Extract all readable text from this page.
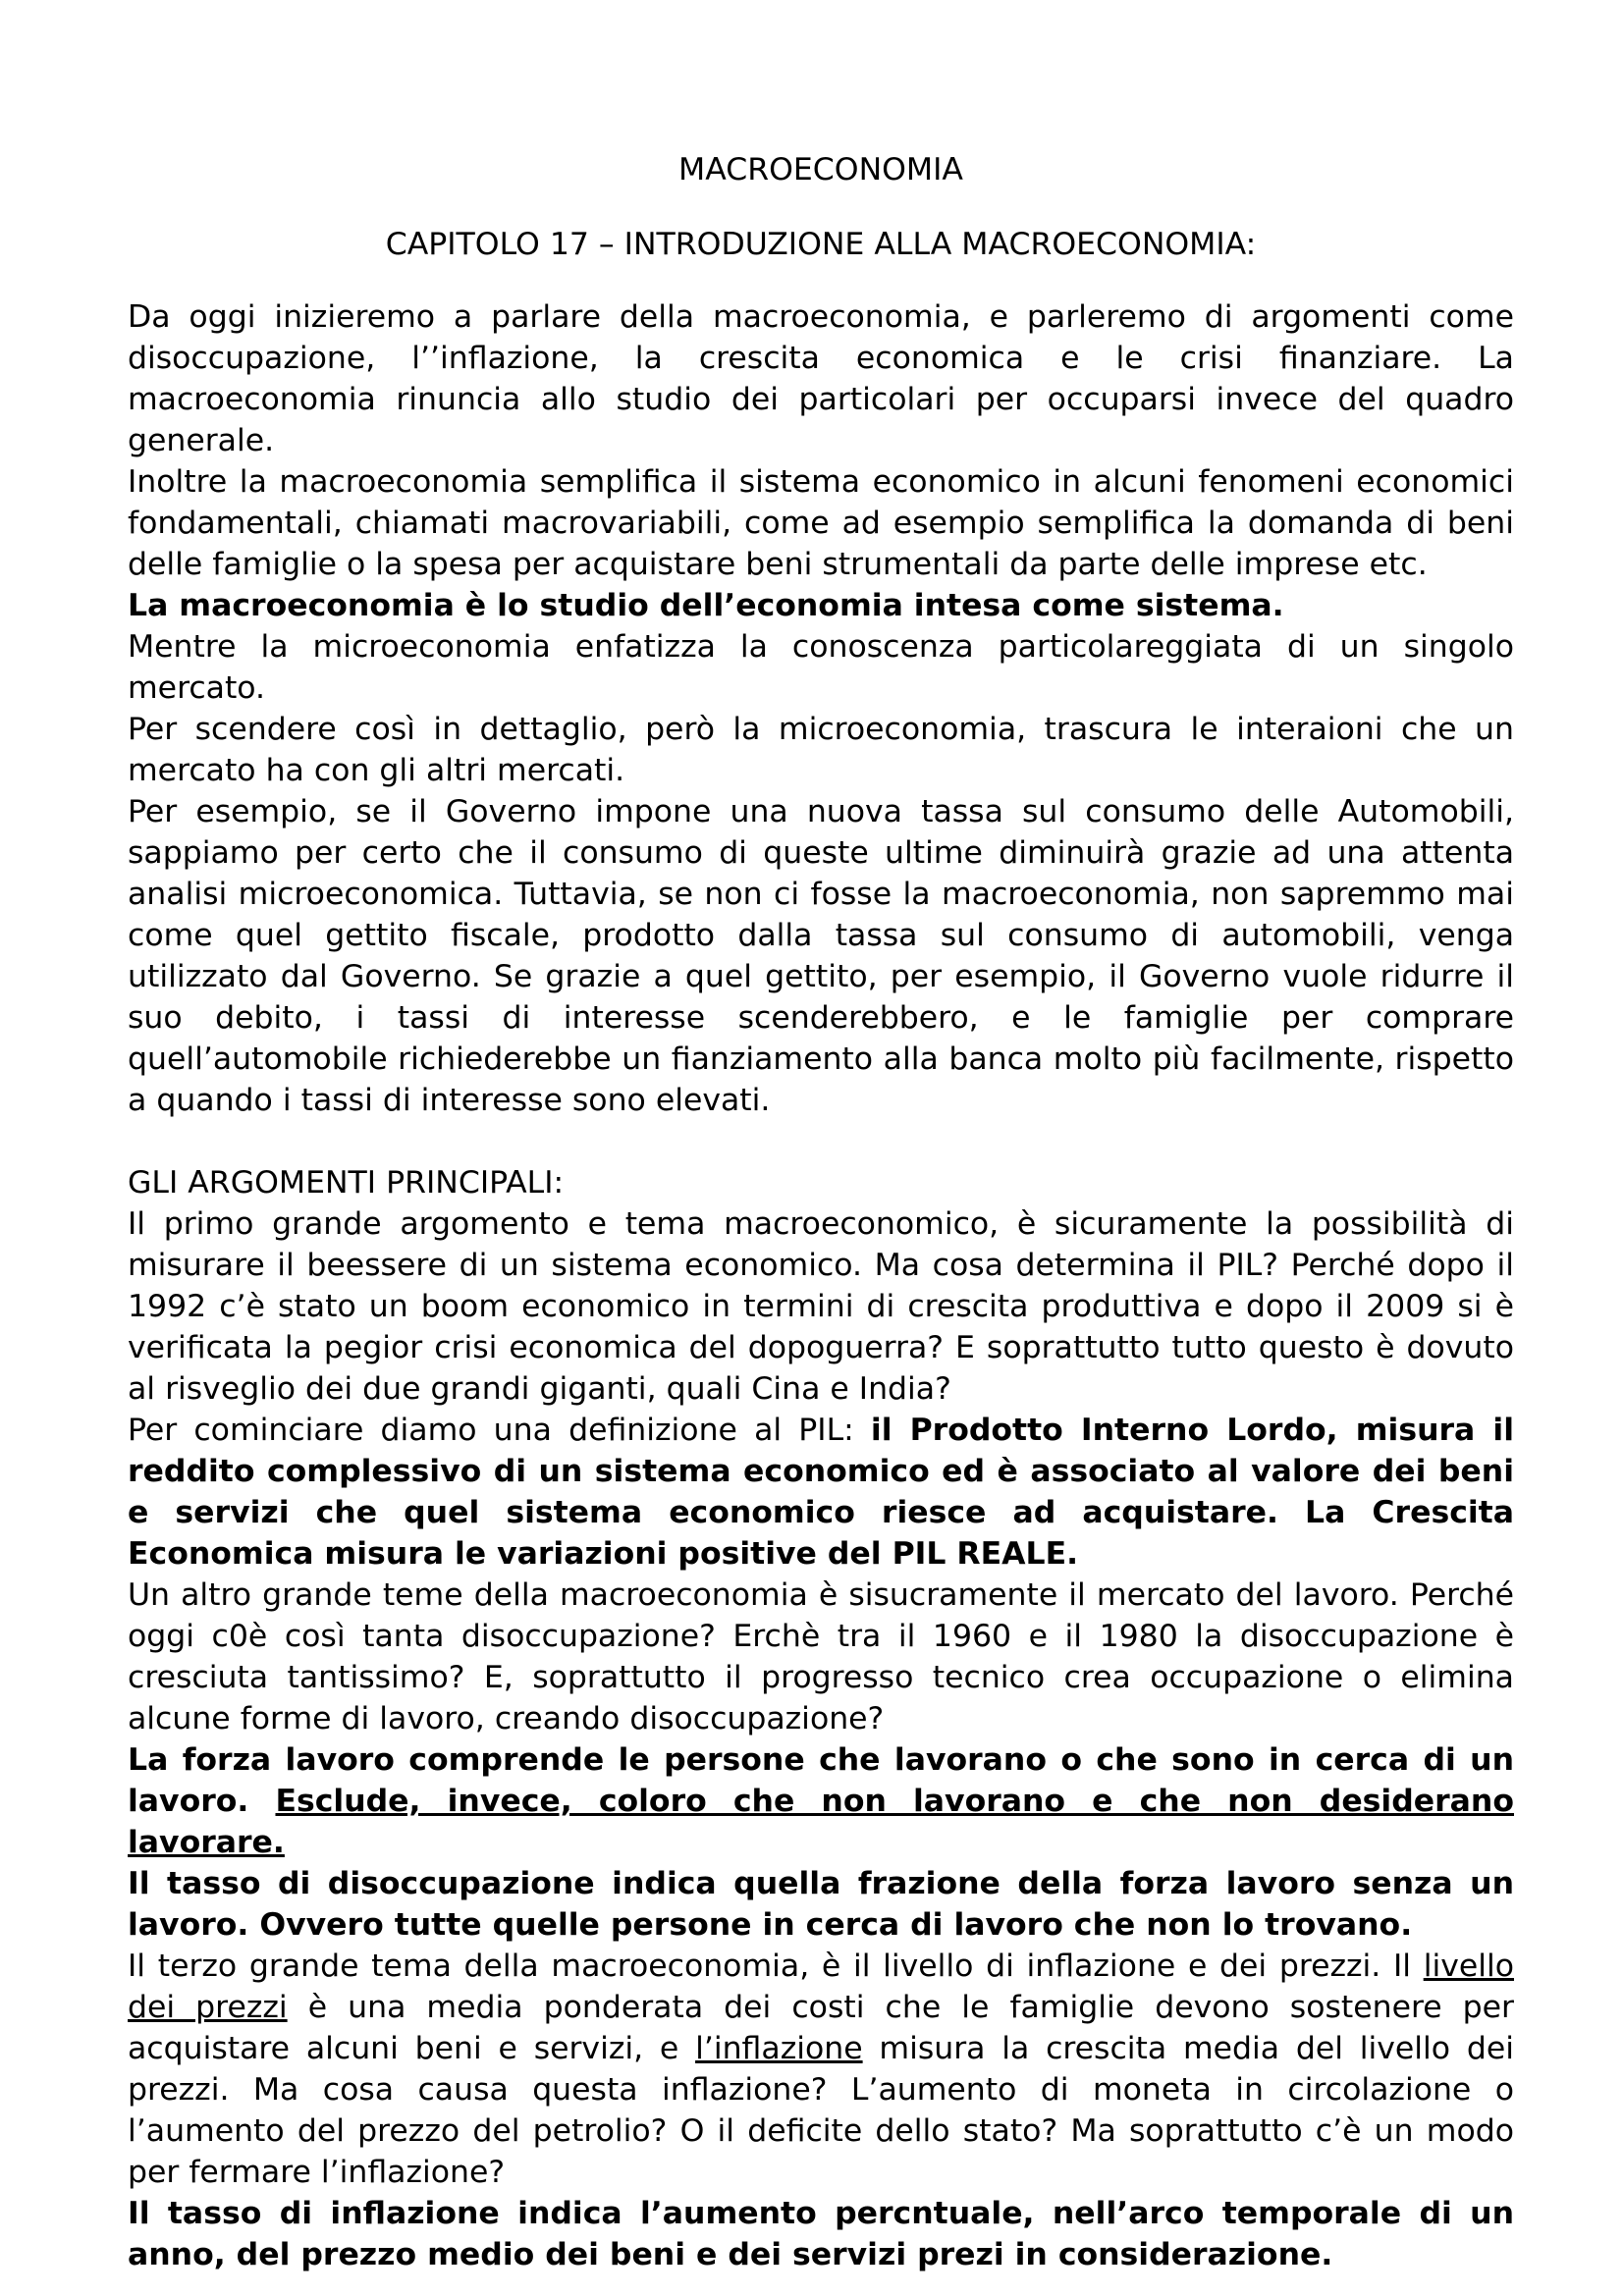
MACROECONOMIA
CAPITOLO 17 – INTRODUZIONE ALLA MACROECONOMIA:

Da oggi inizieremo a parlare della macroeconomia, e parleremo di argomenti come disoccupazione, l’’inflazione, la crescita economica e le crisi finanziare. La macroeconomia rinuncia allo studio dei particolari per occuparsi invece del quadro generale.

Inoltre la macroeconomia semplifica il sistema economico in alcuni fenomeni economici fondamentali, chiamati macrovariabili, come ad esempio semplifica la domanda di beni delle famiglie o la spesa per acquistare beni strumentali da parte delle imprese etc.

La macroeconomia è lo studio dell’economia intesa come sistema.

Mentre la microeconomia enfatizza la conoscenza particolareggiata di un singolo mercato.

Per scendere così in dettaglio, però la microeconomia, trascura le interaioni che un mercato ha con gli altri mercati.

Per esempio, se il Governo impone una nuova tassa sul consumo delle Automobili, sappiamo per certo che il consumo di queste ultime diminuirà grazie ad una attenta analisi microeconomica. Tuttavia, se non ci fosse la macroeconomia, non sapremmo mai come quel gettito fiscale, prodotto dalla tassa sul consumo di automobili, venga utilizzato dal Governo. Se grazie a quel gettito, per esempio, il Governo vuole ridurre il suo debito, i tassi di interesse scenderebbero, e le famiglie per comprare quell’automobile richiederebbe un fianziamento alla banca molto più facilmente, rispetto a quando i tassi di interesse sono elevati.

GLI ARGOMENTI PRINCIPALI:

Il primo grande argomento e tema macroeconomico, è sicuramente la possibilità di misurare il beessere di un sistema economico. Ma cosa determina il PIL? Perché dopo il 1992 c’è stato un boom economico in termini di crescita produttiva e dopo il 2009 si è verificata la pegior crisi economica del dopoguerra? E soprattutto tutto questo è dovuto al risveglio dei due grandi giganti, quali Cina e India?

Per cominciare diamo una definizione al PIL: il Prodotto Interno Lordo, misura il reddito complessivo di un sistema economico ed è associato al valore dei beni e servizi che quel sistema economico riesce ad acquistare. La Crescita Economica misura le variazioni positive del PIL REALE.

Un altro grande teme della macroeconomia è sisucramente il mercato del lavoro. Perché oggi c0è così tanta disoccupazione? Erchè tra il 1960 e il 1980 la disoccupazione è cresciuta tantissimo? E, soprattutto il progresso tecnico crea occupazione o elimina alcune forme di lavoro, creando disoccupazione?

La forza lavoro comprende le persone che lavorano o che sono in cerca di un lavoro. Esclude, invece, coloro che non lavorano e che non desiderano lavorare.

Il tasso di disoccupazione indica quella frazione della forza lavoro senza un lavoro. Ovvero tutte quelle persone in cerca di lavoro che non lo trovano.

Il terzo grande tema della macroeconomia, è il livello di inflazione e dei prezzi. Il livello dei prezzi è una media ponderata dei costi che le famiglie devono sostenere per acquistare alcuni beni e servizi, e l’inflazione misura la crescita media del livello dei prezzi. Ma cosa causa questa inflazione? L’aumento di moneta in circolazione o l’aumento del prezzo del petrolio? O il deficite dello stato? Ma soprattutto c’è un modo per fermare l’inflazione?

Il tasso di inflazione indica l’aumento percntuale, nell’arco temporale di un anno, del prezzo medio dei beni e dei servizi prezi in considerazione.
